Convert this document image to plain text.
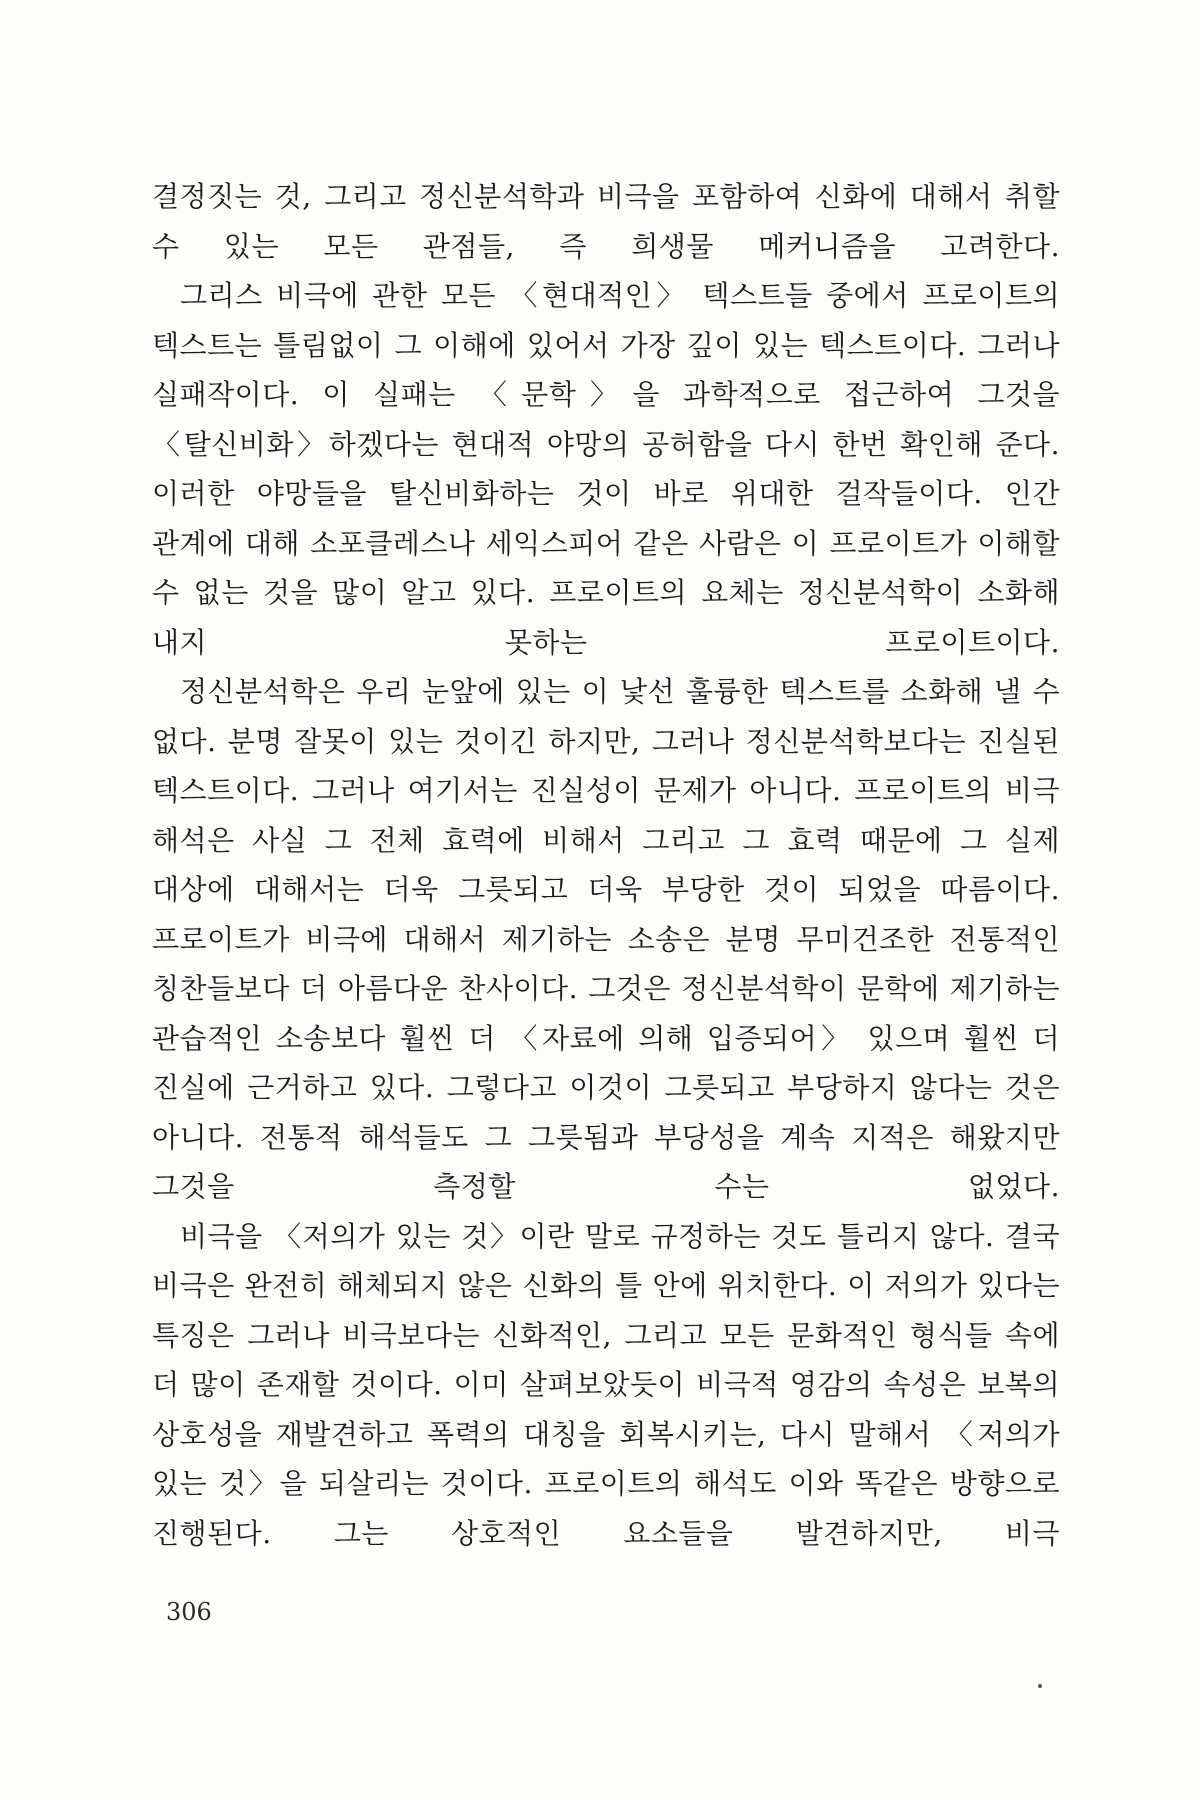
결정짓는 것, 그리고 정신분석학과 비극을 포함하여 신화에 대해서 취할 수 있는 모든 관점들, 즉 희생물 메커니즘을 고려한다.

그리스 비극에 관한 모든 〈현대적인〉 텍스트들 중에서 프로이트의 텍스트는 틀림없이 그 이해에 있어서 가장 깊이 있는 텍스트이다. 그러나 실패작이다. 이 실패는 〈문학〉을 과학적으로 접근하여 그것을 〈탈신비화〉하겠다는 현대적 야망의 공허함을 다시 한번 확인해 준다. 이러한 야망들을 탈신비화하는 것이 바로 위대한 걸작들이다. 인간 관계에 대해 소포클레스나 세익스피어 같은 사람은 이 프로이트가 이해할 수 없는 것을 많이 알고 있다. 프로이트의 요체는 정신분석학이 소화해 내지 못하는 프로이트이다.

정신분석학은 우리 눈앞에 있는 이 낯선 훌륭한 텍스트를 소화해 낼 수 없다. 분명 잘못이 있는 것이긴 하지만, 그러나 정신분석학보다는 진실된 텍스트이다. 그러나 여기서는 진실성이 문제가 아니다. 프로이트의 비극 해석은 사실 그 전체 효력에 비해서 그리고 그 효력 때문에 그 실제 대상에 대해서는 더욱 그릇되고 더욱 부당한 것이 되었을 따름이다. 프로이트가 비극에 대해서 제기하는 소송은 분명 무미건조한 전통적인 칭찬들보다 더 아름다운 찬사이다. 그것은 정신분석학이 문학에 제기하는 관습적인 소송보다 훨씬 더 〈자료에 의해 입증되어〉 있으며 훨씬 더 진실에 근거하고 있다. 그렇다고 이것이 그릇되고 부당하지 않다는 것은 아니다. 전통적 해석들도 그 그릇됨과 부당성을 계속 지적은 해왔지만 그것을 측정할 수는 없었다.

비극을 〈저의가 있는 것〉이란 말로 규정하는 것도 틀리지 않다. 결국 비극은 완전히 해체되지 않은 신화의 틀 안에 위치한다. 이 저의가 있다는 특징은 그러나 비극보다는 신화적인, 그리고 모든 문화적인 형식들 속에 더 많이 존재할 것이다. 이미 살펴보았듯이 비극적 영감의 속성은 보복의 상호성을 재발견하고 폭력의 대칭을 회복시키는, 다시 말해서 〈저의가 있는 것〉을 되살리는 것이다. 프로이트의 해석도 이와 똑같은 방향으로 진행된다. 그는 상호적인 요소들을 발견하지만, 비극

306
